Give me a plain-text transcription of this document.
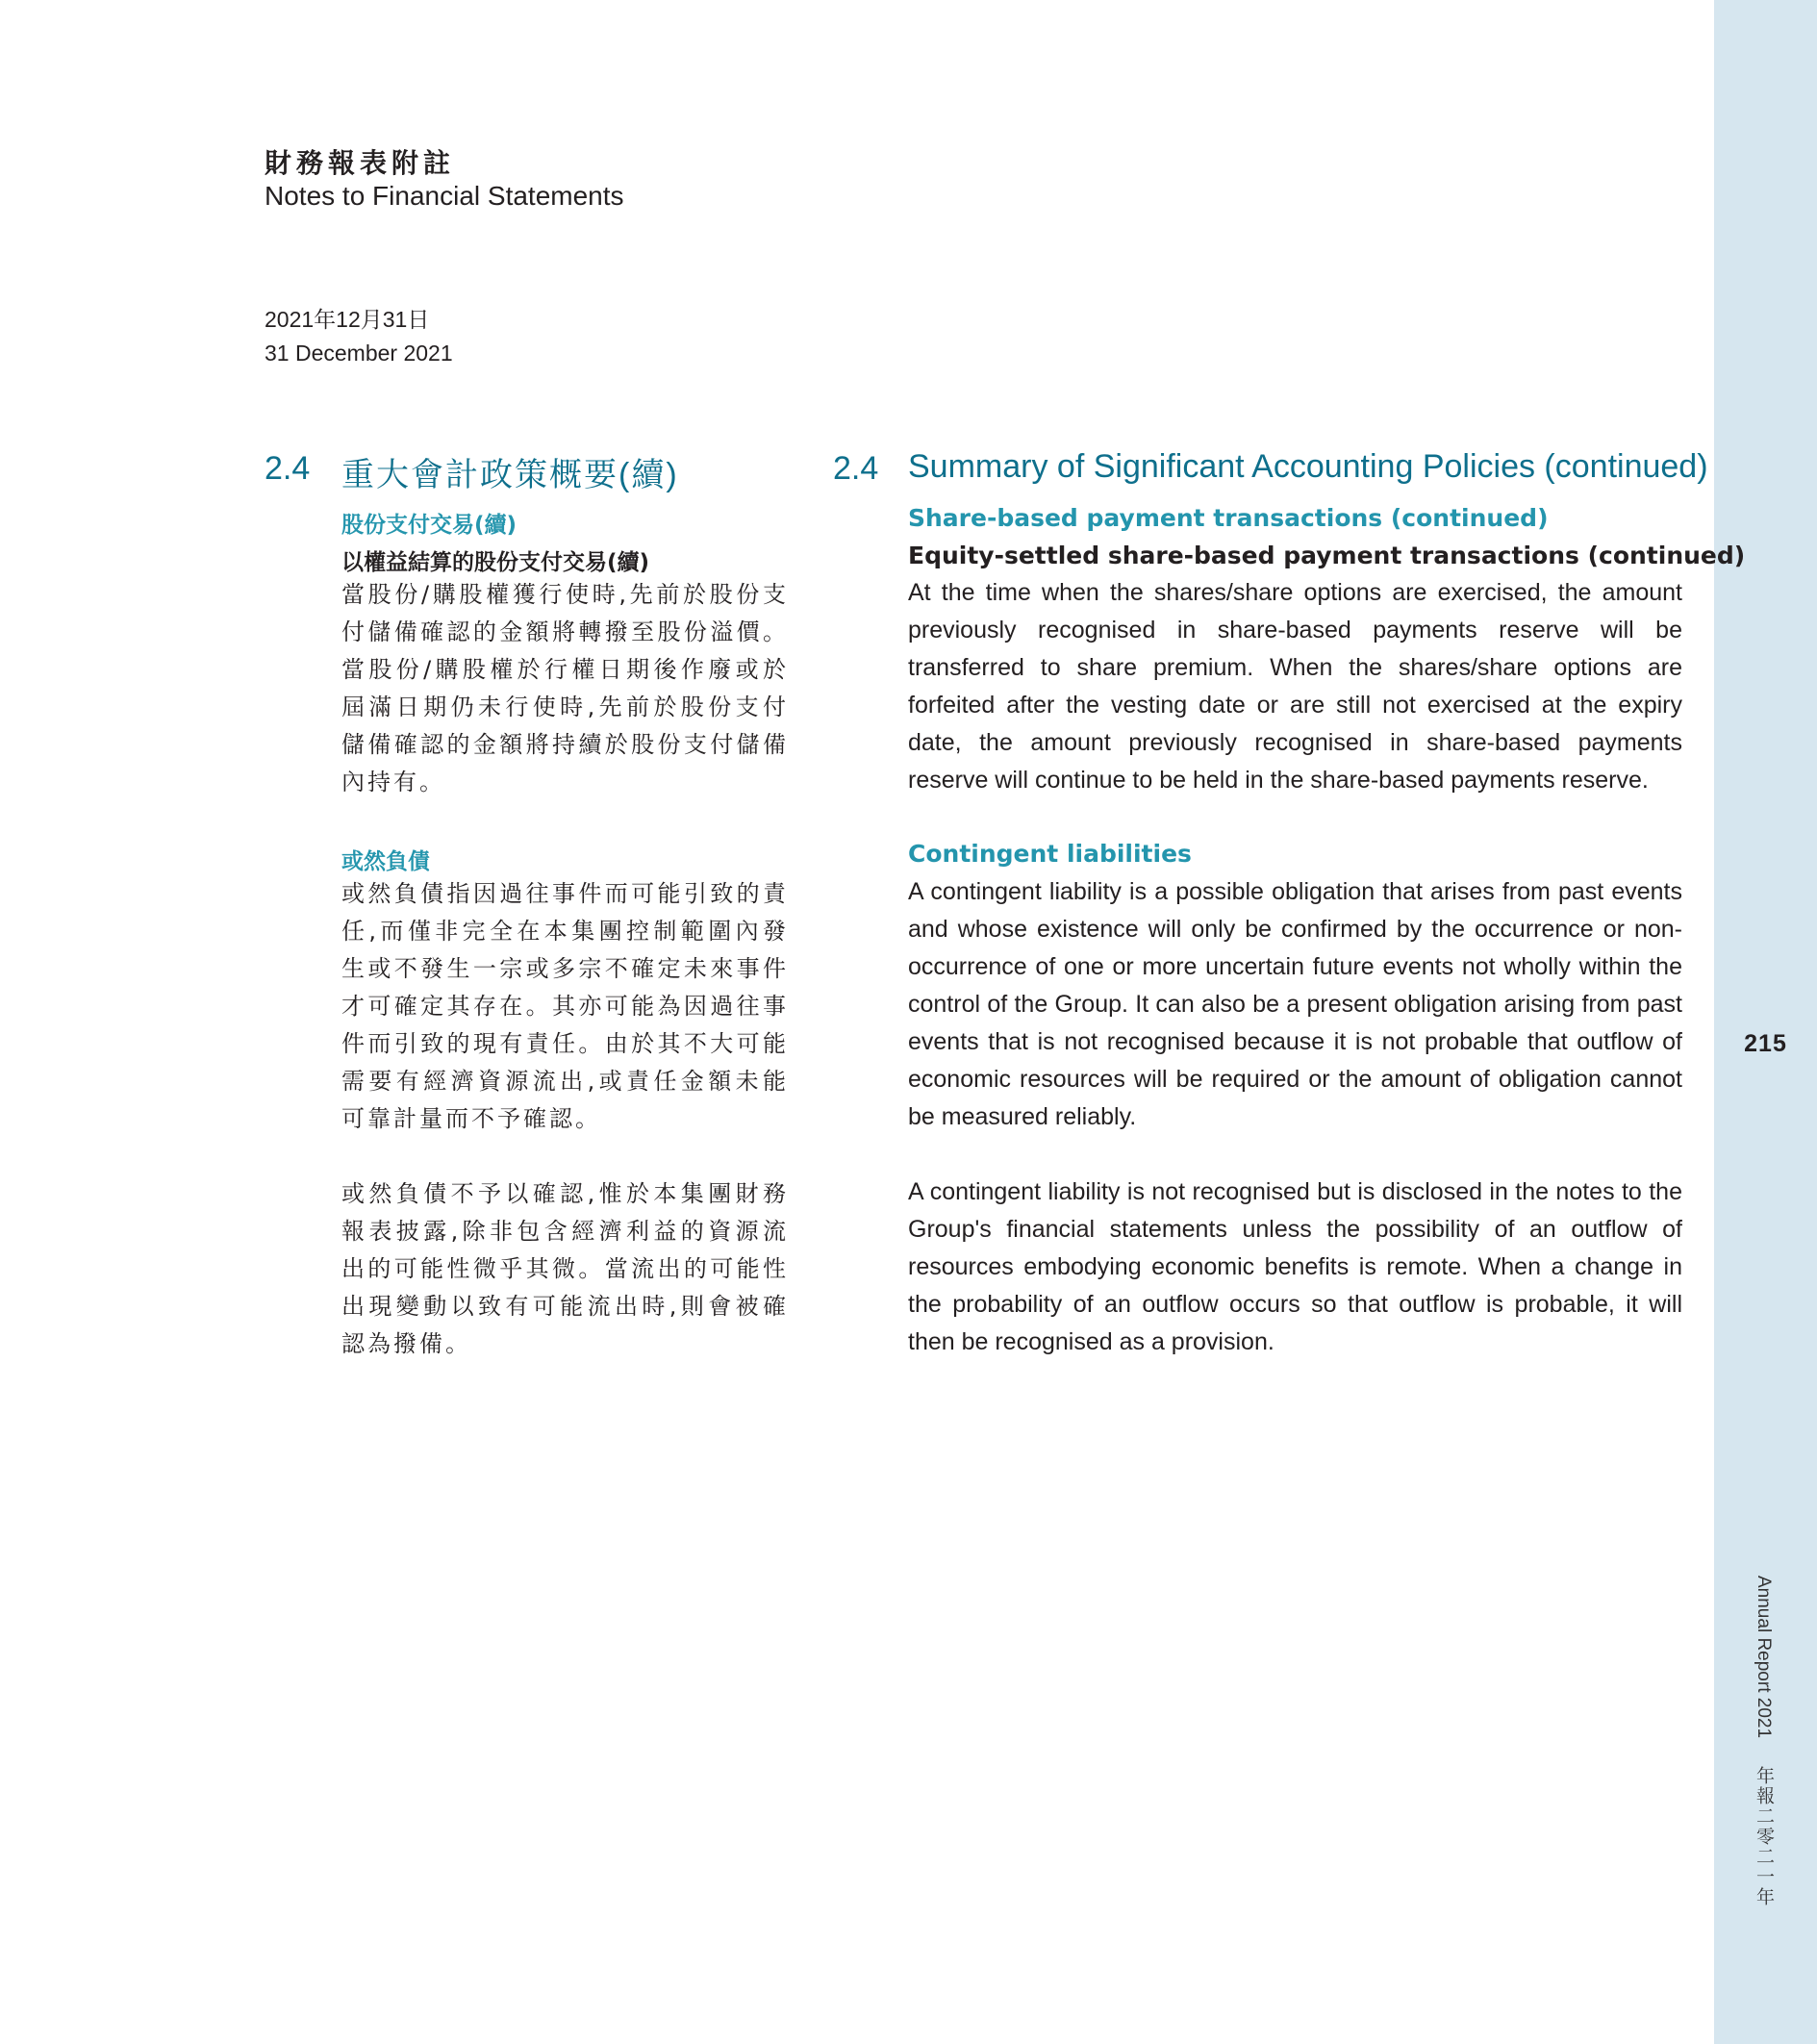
215
Annual Report 2021 年報二零二一年
財務報表附註
Notes to Financial Statements
2021年12月31日
31 December 2021
2.4 重大會計政策概要(續)	2.4 Summary of Significant Accounting Policies (continued)
股份支付交易(續)
以權益結算的股份支付交易(續)
當股份/購股權獲行使時,先前於股份支付儲備確認的金額將轉撥至股份溢價。當股份/購股權於行權日期後作廢或於屆滿日期仍未行使時,先前於股份支付儲備確認的金額將持續於股份支付儲備內持有。
Share-based payment transactions (continued)
Equity-settled share-based payment transactions (continued)
At the time when the shares/share options are exercised, the amount previously recognised in share-based payments reserve will be transferred to share premium. When the shares/share options are forfeited after the vesting date or are still not exercised at the expiry date, the amount previously recognised in share-based payments reserve will continue to be held in the share-based payments reserve.
或然負債
或然負債指因過往事件而可能引致的責任,而僅非完全在本集團控制範圍內發生或不發生一宗或多宗不確定未來事件才可確定其存在。其亦可能為因過往事件而引致的現有責任。由於其不大可能需要有經濟資源流出,或責任金額未能可靠計量而不予確認。
或然負債不予以確認,惟於本集團財務報表披露,除非包含經濟利益的資源流出的可能性微乎其微。當流出的可能性出現變動以致有可能流出時,則會被確認為撥備。
Contingent liabilities
A contingent liability is a possible obligation that arises from past events and whose existence will only be confirmed by the occurrence or non-occurrence of one or more uncertain future events not wholly within the control of the Group. It can also be a present obligation arising from past events that is not recognised because it is not probable that outflow of economic resources will be required or the amount of obligation cannot be measured reliably.
A contingent liability is not recognised but is disclosed in the notes to the Group's financial statements unless the possibility of an outflow of resources embodying economic benefits is remote. When a change in the probability of an outflow occurs so that outflow is probable, it will then be recognised as a provision.
